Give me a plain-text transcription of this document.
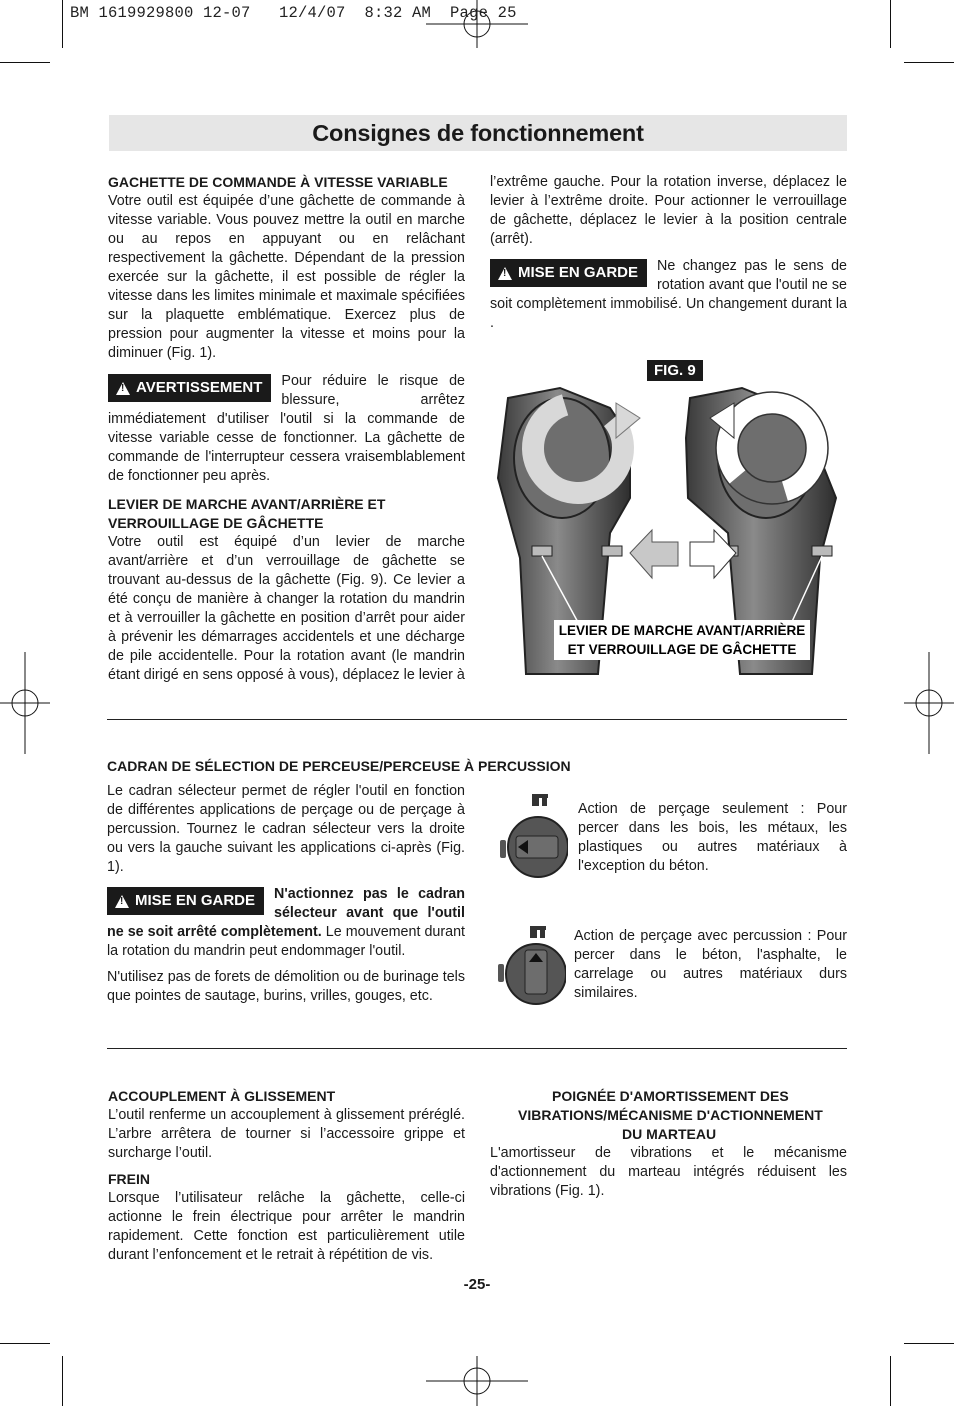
BM 1619929800 12-07   12/4/07  8:32 AM  Page 25
Consignes de fonctionnement

GACHETTE DE COMMANDE À VITESSE VARIABLE

Votre outil est équipée d’une gâchette de commande à vitesse variable. Vous pouvez mettre la outil en marche ou au repos en appuyant ou en relâchant respectivement la gâchette. Dépendant de la pression exercée sur la gâchette, il est possible de régler la vitesse dans les limites minimale et maximale spécifiées sur la plaquette emblématique. Exercez plus de pression pour augmenter la vitesse et moins pour la diminuer (Fig. 1).

!
AVERTISSEMENT	Pour réduire le risque de blessure, arrêtez immédiatement d'utiliser l'outil si la commande de vitesse variable cesse de fonctionner. La gâchette de commande de l'interrupteur cessera vraisemblablement de fonctionner peu après.

LEVIER DE MARCHE AVANT/ARRIÈRE ET

VERROUILLAGE DE GÂCHETTE

Votre outil est équipé d’un levier de marche avant/arrière et d’un verrouillage de gâchette se trouvant au-dessus de la gâchette (Fig. 9). Ce levier a été conçu de manière à changer la rotation du mandrin et à verrouiller la gâchette en position d’arrêt pour aider à prévenir les démarrages accidentels et une décharge de pile accidentelle. Pour la rotation avant (le mandrin étant dirigé en sens opposé à vous), déplacez le levier à

l’extrême gauche. Pour la rotation inverse, déplacez le levier à l’extrême droite. Pour actionner le verrouillage de gâchette, déplacez le levier à la position centrale (arrêt).

!
MISE EN GARDE	Ne changez pas le sens de rotation avant que l'outil ne se soit complètement immobilisé. Un changement durant la .

LEVIER DE MARCHE AVANT/ARRIÈRE
ET VERROUILLAGE DE GÂCHETTE
FIG. 9

CADRAN DE SÉLECTION DE PERCEUSE/PERCEUSE À PERCUSSION

Le cadran sélecteur permet de régler l'outil en fonction de différentes applications de perçage ou de perçage à percussion. Tournez le cadran sélecteur vers la droite ou vers la gauche suivant les applications ci-après (Fig. 1).

!
MISE EN GARDE	N'actionnez pas le cadran sélecteur avant que l'outil ne se soit arrêté complètement. Le mouvement durant la rotation du mandrin peut endommager l'outil.

N'utilisez pas de forets de démolition ou de burinage tels que pointes de sautage, burins, vrilles, gouges, etc.

Action de perçage seulement : Pour percer dans les bois, les métaux, les plastiques ou autres matériaux à l'exception du béton.

Action de perçage avec percussion : Pour percer dans le béton, l'asphalte, le carrelage ou autres matériaux durs similaires.

ACCOUPLEMENT À GLISSEMENT

L’outil renferme un accouplement à glissement préréglé. L’arbre arrêtera de tourner si l’accessoire grippe et surcharge l’outil.

FREIN

Lorsque l’utilisateur relâche la gâchette, celle-ci actionne le frein électrique pour arrêter le mandrin rapidement. Cette fonction est particulièrement utile durant l’enfoncement et le retrait à répétition de vis.

POIGNÉE D'AMORTISSEMENT DES

VIBRATIONS/MÉCANISME D'ACTIONNEMENT

DU MARTEAU

L'amortisseur de vibrations et le mécanisme d'actionnement du marteau intégrés réduisent les vibrations (Fig. 1).

-25-
